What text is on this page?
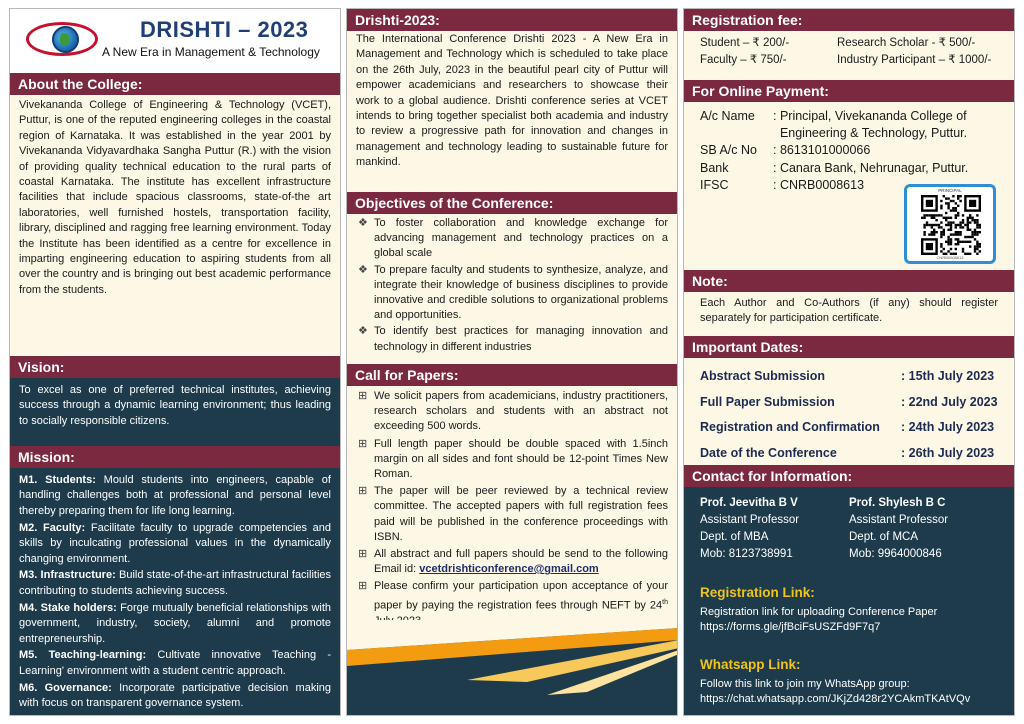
DRISHTI – 2023
A New Era in Management & Technology
About the College:

Vivekananda College of Engineering & Technology (VCET), Puttur, is one of the reputed engineering colleges in the coastal region of Karnataka. It was established in the year 2001 by Vivekananda Vidyavardhaka Sangha Puttur (R.) with the vision of providing quality technical education to the rural parts of coastal Karnataka. The institute has excellent infrastructure facilities that include spacious classrooms, state-of-the art laboratories, well furnished hostels, transportation facility, library, disciplined and ragging free learning environment. Today the Institute has been identified as a centre for excellence in imparting engineering education to aspiring students from all over the country and is bringing out best academic performance from the students.

Vision:

To excel as one of preferred technical institutes, achieving success through a dynamic learning environment; thus leading to socially responsible citizens.

Mission:

M1. Students: Mould students into engineers, capable of handling challenges both at professional and personal level thereby preparing them for life long learning.

M2. Faculty: Facilitate faculty to upgrade competencies and skills by inculcating professional values in the dynamically changing environment.

M3. Infrastructure: Build state-of-the-art infrastructural facilities contributing to students achieving success.

M4. Stake holders: Forge mutually beneficial relationships with government, industry, society, alumni and promote entrepreneurship.

M5. Teaching-learning: Cultivate innovative Teaching - Learning' environment with a student centric approach.

M6. Governance: Incorporate participative decision making with focus on transparent governance system.

Drishti-2023:

The International Conference Drishti 2023 - A New Era in Management and Technology which is scheduled to take place on the 26th July, 2023 in the beautiful pearl city of Puttur will empower academicians and researchers to showcase their work to a global audience. Drishti conference series at VCET intends to bring together specialist both academia and industry to review a progressive path for innovation and changes in management and technology leading to sustainable future for mankind.

Objectives of the Conference:
❖ To foster collaboration and knowledge exchange for advancing management and technology practices on a global scale
❖ To prepare faculty and students to synthesize, analyze, and integrate their knowledge of business disciplines to provide innovative and credible solutions to organizational problems and opportunities.
❖ To identify best practices for managing innovation and technology in different industries
Call for Papers:
⊞ We solicit papers from academicians, industry practitioners, research scholars and students with an abstract not exceeding 500 words.
⊞ Full length paper should be double spaced with 1.5inch margin on all sides and font should be 12-point Times New Roman.
⊞ The paper will be peer reviewed by a technical review committee. The accepted papers with full registration fees paid will be published in the conference proceedings with ISBN.
⊞ All abstract and full papers should be send to the following Email id: vcetdrishticonference@gmail.com
⊞ Please confirm your participation upon acceptance of your paper by paying the registration fees through NEFT by 24th
Registration fee:
Student – ₹ 200/-	Research Scholar - ₹ 500/-
Faculty – ₹ 750/-	Industry Participant – ₹ 1000/-
For Online Payment:
A/c Name	: Principal, Vivekananda College of
Engineering & Technology, Puttur.
SB A/c No	: 8613101000066
Bank	: Canara Bank, Nehrunagar, Puttur.
IFSC	: CNRB0008613	PRINCIPAL
CNRB0008613
Note:

Each Author and Co-Authors (if any) should register separately for participation certificate.

Important Dates:
Abstract Submission	: 15th July 2023
Full Paper Submission	: 22nd July 2023
Registration and Confirmation	: 24th July 2023
Date of the Conference	: 26th July 2023
Contact for Information:
Prof. Jeevitha B V
Assistant Professor
Dept. of MBA
Mob: 8123738991
Prof. Shylesh B C
Assistant Professor
Dept. of MCA
Mob: 9964000846
Registration Link:
Registration link for uploading Conference Paper
https://forms.gle/jfBciFsUSZFd9F7q7
Whatsapp Link:
Follow this link to join my WhatsApp group:
https://chat.whatsapp.com/JKjZd428r2YCAkmTKAtVQv
